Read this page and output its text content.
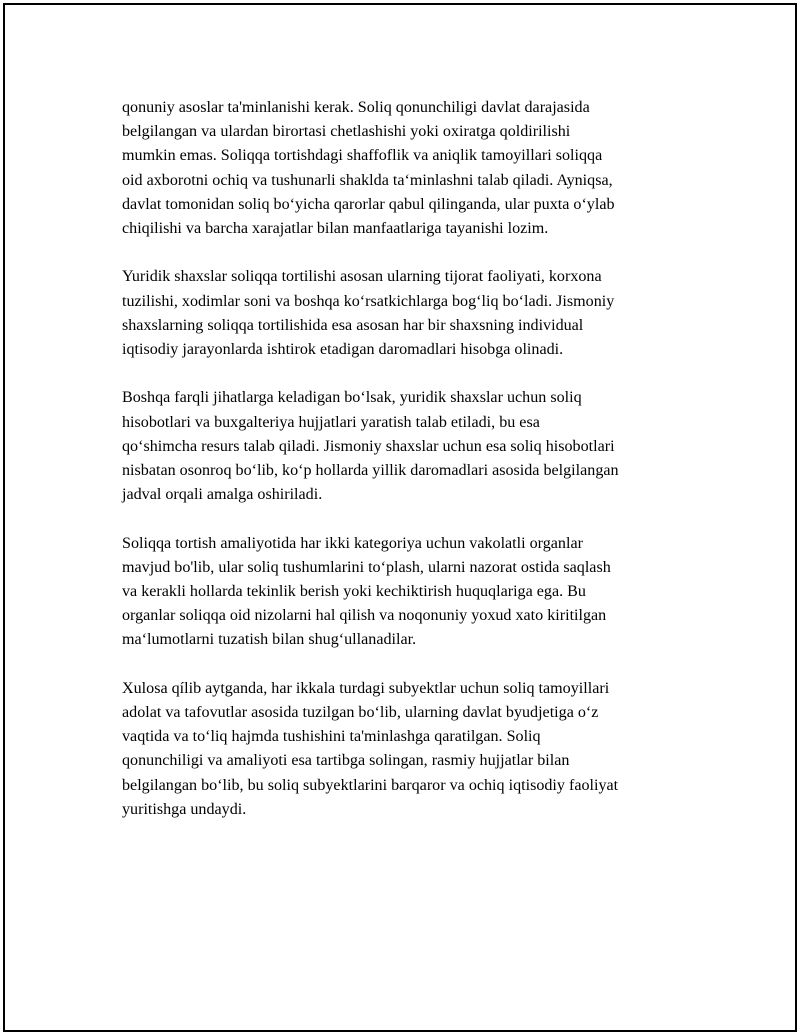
qonuniy asoslar ta'minlanishi kerak. Soliq qonunchiligi davlat darajasida
belgilangan va ulardan birortasi chetlashishi yoki oxiratga qoldirilishi
mumkin emas. Soliqqa tortishdagi shaffoflik va aniqlik tamoyillari soliqqa
oid axborotni ochiq va tushunarli shaklda taʻminlashni talab qiladi. Ayniqsa,
davlat tomonidan soliq boʻyicha qarorlar qabul qilinganda, ular puxta oʻylab
chiqilishi va barcha xarajatlar bilan manfaatlariga tayanishi lozim.

Yuridik shaxslar soliqqa tortilishi asosan ularning tijorat faoliyati, korxona
tuzilishi, xodimlar soni va boshqa koʻrsatkichlarga bogʻliq boʻladi. Jismoniy
shaxslarning soliqqa tortilishida esa asosan har bir shaxsning individual
iqtisodiy jarayonlarda ishtirok etadigan daromadlari hisobga olinadi.

Boshqa farqli jihatlarga keladigan boʻlsak, yuridik shaxslar uchun soliq
hisobotlari va buxgalteriya hujjatlari yaratish talab etiladi, bu esa
qoʻshimcha resurs talab qiladi. Jismoniy shaxslar uchun esa soliq hisobotlari
nisbatan osonroq boʻlib, koʻp hollarda yillik daromadlari asosida belgilangan
jadval orqali amalga oshiriladi.

Soliqqa tortish amaliyotida har ikki kategoriya uchun vakolatli organlar
mavjud bo'lib, ular soliq tushumlarini toʻplash, ularni nazorat ostida saqlash
va kerakli hollarda tekinlik berish yoki kechiktirish huquqlariga ega. Bu
organlar soliqqa oid nizolarni hal qilish va noqonuniy yoxud xato kiritilgan
maʻlumotlarni tuzatish bilan shugʻullanadilar.

Xulosa qílib aytganda, har ikkala turdagi subyektlar uchun soliq tamoyillari
adolat va tafovutlar asosida tuzilgan boʻlib, ularning davlat byudjetiga oʻz
vaqtida va toʻliq hajmda tushishini ta'minlashga qaratilgan. Soliq
qonunchiligi va amaliyoti esa tartibga solingan, rasmiy hujjatlar bilan
belgilangan boʻlib, bu soliq subyektlarini barqaror va ochiq iqtisodiy faoliyat
yuritishga undaydi.
